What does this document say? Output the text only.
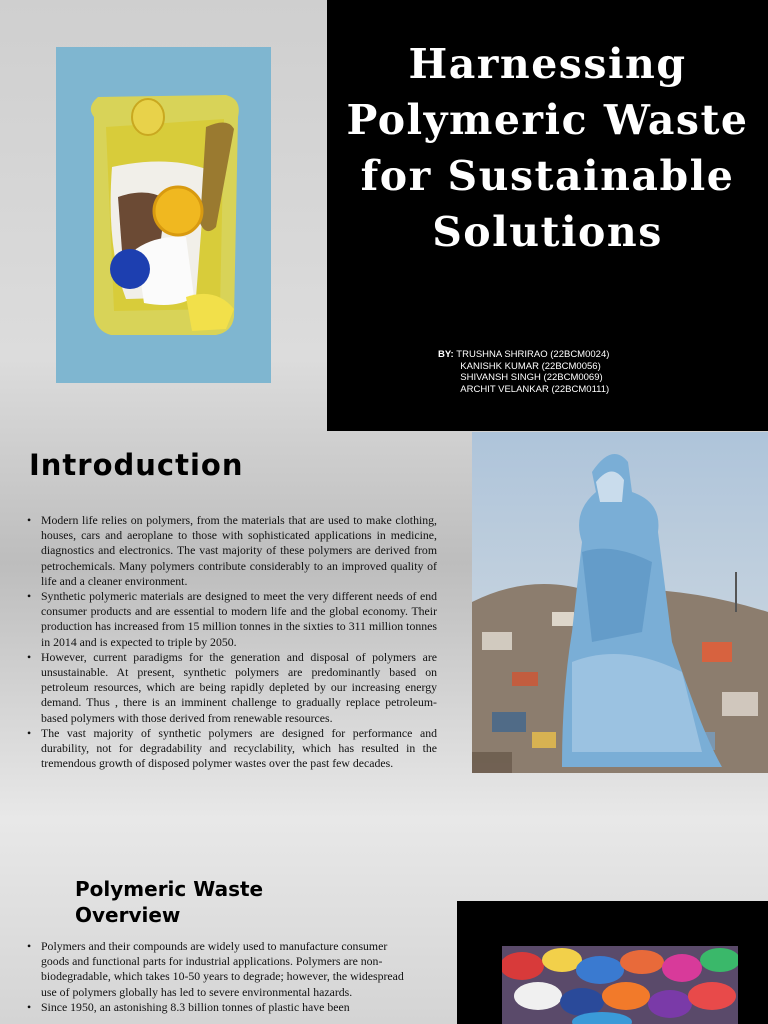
Harnessing Polymeric Waste for Sustainable Solutions
BY: TRUSHNA SHRIRAO (22BCM0024)
KANISHK KUMAR (22BCM0056)
SHIVANSH SINGH (22BCM0069)
ARCHIT VELANKAR (22BCM0111)
Introduction
• Modern life relies on polymers, from the materials that are used to make clothing, houses, cars and aeroplane to those with sophisticated applications in medicine, diagnostics and electronics. The vast majority of these polymers are derived from petrochemicals. Many polymers contribute considerably to an improved quality of life and a cleaner environment.
• Synthetic polymeric materials are designed to meet the very different needs of end consumer products and are essential to modern life and the global economy. Their production has increased from 15 million tonnes in the sixties to 311 million tonnes in 2014 and is expected to triple by 2050.
• However, current paradigms for the generation and disposal of polymers are unsustainable. At present, synthetic polymers are predominantly based on petroleum resources, which are being rapidly depleted by our increasing energy demand. Thus , there is an imminent challenge to gradually replace petroleum-based polymers with those derived from renewable resources.
• The vast majority of synthetic polymers are designed for performance and durability, not for degradability and recyclability, which has resulted in the tremendous growth of disposed polymer wastes over the past few decades.
Polymeric Waste Overview
• Polymers and their compounds are widely used to manufacture consumer goods and functional parts for industrial applications. Polymers are non-biodegradable, which takes 10-50 years to degrade; however, the widespread use of polymers globally has led to severe environmental hazards.
• Since 1950, an astonishing 8.3 billion tonnes of plastic have been
